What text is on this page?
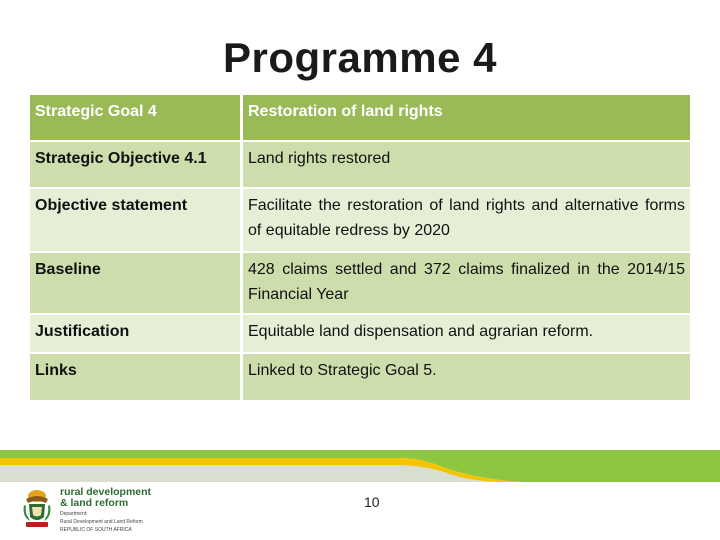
Programme 4
Strategic Goal 4	Restoration of land rights
Strategic Objective 4.1	Land rights restored
Objective statement	Facilitate the restoration of land rights and alternative forms of equitable redress by 2020
Baseline	428 claims settled and 372 claims finalized in the 2014/15 Financial Year
Justification	Equitable land dispensation and agrarian reform.
Links	Linked to Strategic Goal 5.
10
rural development
& land reform
Department:
Rural Development and Land Reform
REPUBLIC OF SOUTH AFRICA
